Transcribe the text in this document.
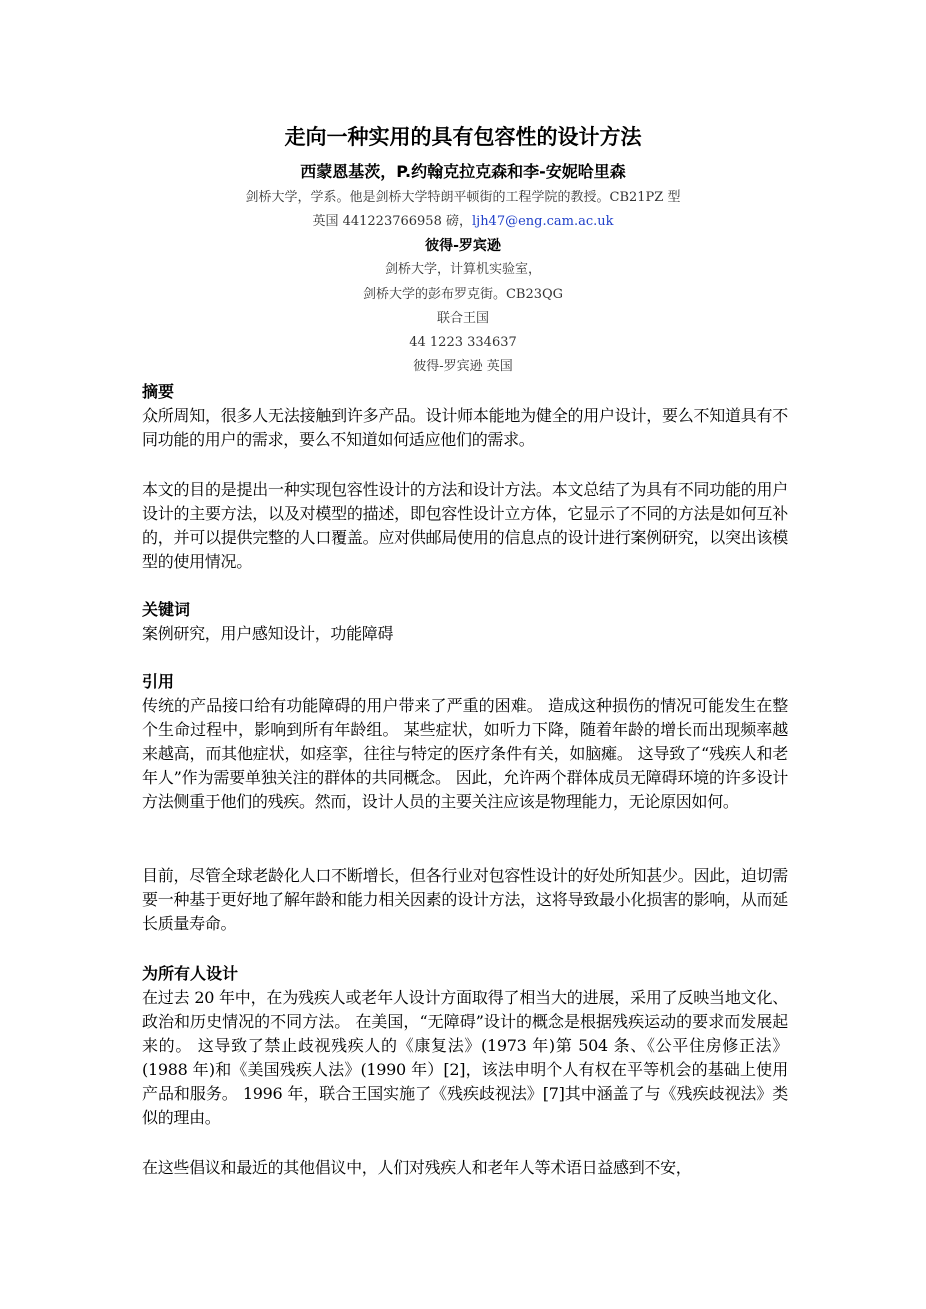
走向一种实用的具有包容性的设计方法
西蒙恩基茨，P.约翰克拉克森和李-安妮哈里森
剑桥大学，学系。他是剑桥大学特朗平顿街的工程学院的教授。CB21PZ 型
英国 441223766958 磅，ljh47@eng.cam.ac.uk
彼得-罗宾逊
剑桥大学，计算机实验室，
剑桥大学的彭布罗克街。CB23QG
联合王国
44 1223 334637
彼得-罗宾逊 英国
摘要
众所周知，很多人无法接触到许多产品。设计师本能地为健全的用户设计，要么不知道具有不同功能的用户的需求，要么不知道如何适应他们的需求。
本文的目的是提出一种实现包容性设计的方法和设计方法。本文总结了为具有不同功能的用户设计的主要方法，以及对模型的描述，即包容性设计立方体，它显示了不同的方法是如何互补的，并可以提供完整的人口覆盖。应对供邮局使用的信息点的设计进行案例研究，以突出该模型的使用情况。
关键词
案例研究，用户感知设计，功能障碍
引用
传统的产品接口给有功能障碍的用户带来了严重的困难。 造成这种损伤的情况可能发生在整个生命过程中，影响到所有年龄组。 某些症状，如听力下降，随着年龄的增长而出现频率越来越高，而其他症状，如痉挛，往往与特定的医疗条件有关，如脑瘫。 这导致了“残疾人和老年人”作为需要单独关注的群体的共同概念。 因此，允许两个群体成员无障碍环境的许多设计方法侧重于他们的残疾。然而，设计人员的主要关注应该是物理能力，无论原因如何。
目前，尽管全球老龄化人口不断增长，但各行业对包容性设计的好处所知甚少。因此，迫切需要一种基于更好地了解年龄和能力相关因素的设计方法，这将导致最小化损害的影响，从而延长质量寿命。
为所有人设计
在过去 20 年中，在为残疾人或老年人设计方面取得了相当大的进展，采用了反映当地文化、政治和历史情况的不同方法。 在美国，“无障碍”设计的概念是根据残疾运动的要求而发展起来的。 这导致了禁止歧视残疾人的《康复法》(1973 年)第 504 条、《公平住房修正法》(1988 年)和《美国残疾人法》(1990 年）[2]，该法申明个人有权在平等机会的基础上使用产品和服务。 1996 年，联合王国实施了《残疾歧视法》[7]其中涵盖了与《残疾歧视法》类似的理由。
在这些倡议和最近的其他倡议中，人们对残疾人和老年人等术语日益感到不安，
